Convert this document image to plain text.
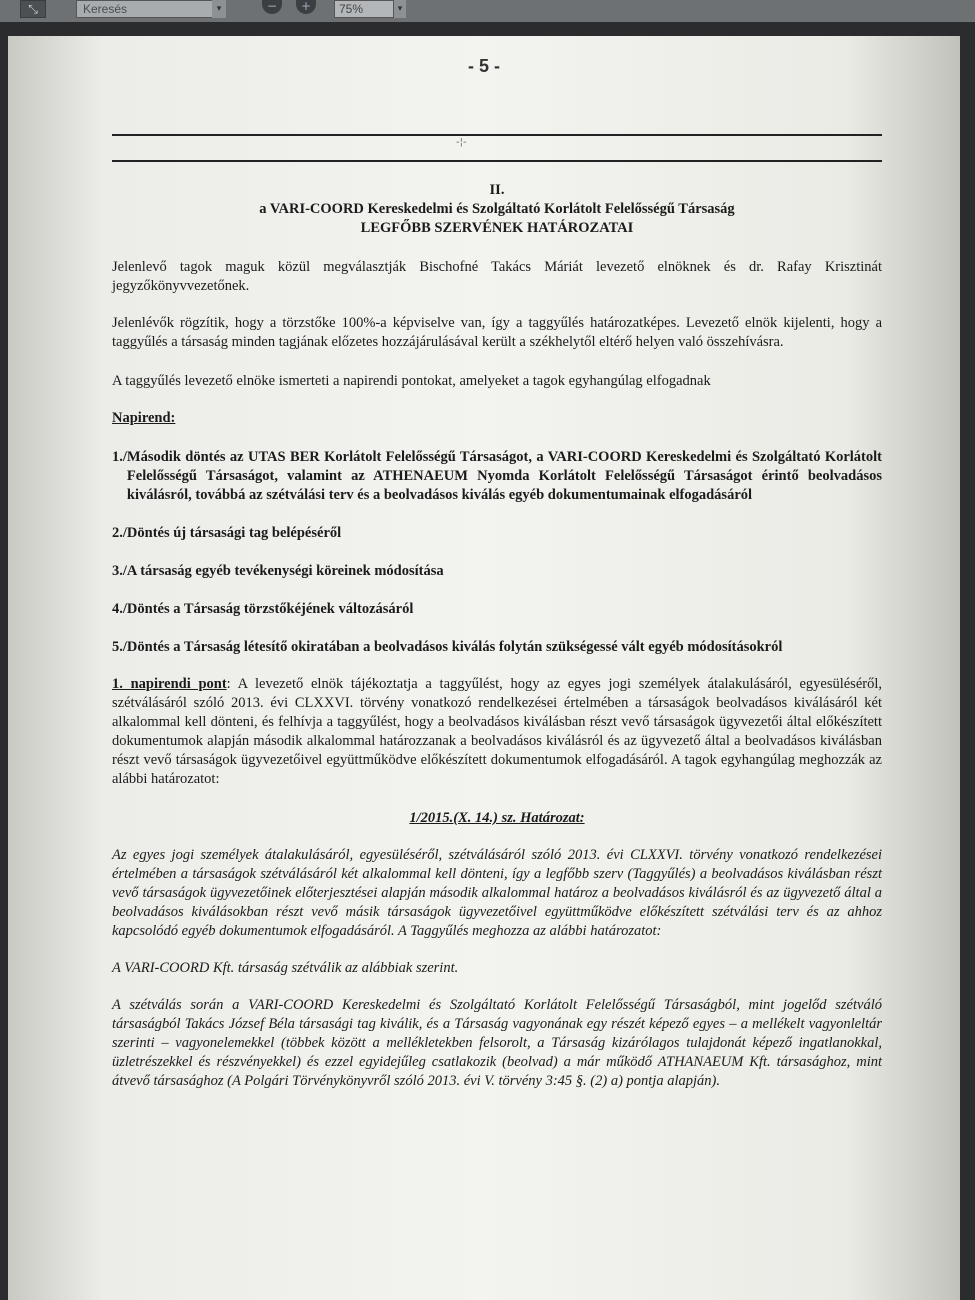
⤡	Keresés	▾	−	+	75%	▾
- 5 -
-¦-
II.
a VARI-COORD Kereskedelmi és Szolgáltató Korlátolt Felelősségű Társaság
LEGFŐBB SZERVÉNEK HATÁROZATAI

Jelenlevő tagok maguk közül megválasztják Bischofné Takács Máriát levezető elnöknek és dr. Rafay Krisztinát jegyzőkönyvvezetőnek.

Jelenlévők rögzítik, hogy a törzstőke 100%-a képviselve van, így a taggyűlés határozatképes. Levezető elnök kijelenti, hogy a taggyűlés a társaság minden tagjának előzetes hozzájárulásával került a székhelytől eltérő helyen való összehívásra.

A taggyűlés levezető elnöke ismerteti a napirendi pontokat, amelyeket a tagok egyhangúlag elfogadnak

Napirend:

1./ Második döntés az UTAS BER Korlátolt Felelősségű Társaságot, a VARI-COORD Kereskedelmi és Szolgáltató Korlátolt Felelősségű Társaságot, valamint az ATHENAEUM Nyomda Korlátolt Felelősségű Társaságot érintő beolvadásos kiválásról, továbbá az szétválási terv és a beolvadásos kiválás egyéb dokumentumainak elfogadásáról
2./ Döntés új társasági tag belépéséről
3./ A társaság egyéb tevékenységi köreinek módosítása
4./ Döntés a Társaság törzstőkéjének változásáról
5./ Döntés a Társaság létesítő okiratában a beolvadásos kiválás folytán szükségessé vált egyéb módosításokról

1. napirendi pont: A levezető elnök tájékoztatja a taggyűlést, hogy az egyes jogi személyek átalakulásáról, egyesüléséről, szétválásáról szóló 2013. évi CLXXVI. törvény vonatkozó rendelkezései értelmében a társaságok beolvadásos kiválásáról két alkalommal kell dönteni, és felhívja a taggyűlést, hogy a beolvadásos kiválásban részt vevő társaságok ügyvezetői által előkészített dokumentumok alapján második alkalommal határozzanak a beolvadásos kiválásról és az ügyvezető által a beolvadásos kiválásban részt vevő társaságok ügyvezetőivel együttműködve előkészített dokumentumok elfogadásáról. A tagok egyhangúlag meghozzák az alábbi határozatot:

1/2015.(X. 14.) sz. Határozat:

Az egyes jogi személyek átalakulásáról, egyesüléséről, szétválásáról szóló 2013. évi CLXXVI. törvény vonatkozó rendelkezései értelmében a társaságok szétválásáról két alkalommal kell dönteni, így a legfőbb szerv (Taggyűlés) a beolvadásos kiválásban részt vevő társaságok ügyvezetőinek előterjesztései alapján második alkalommal határoz a beolvadásos kiválásról és az ügyvezető által a beolvadásos kiválásokban részt vevő másik társaságok ügyvezetőivel együttműködve előkészített szétválási terv és az ahhoz kapcsolódó egyéb dokumentumok elfogadásáról. A Taggyűlés meghozza az alábbi határozatot:

A VARI-COORD Kft. társaság szétválik az alábbiak szerint.

A szétválás során a VARI-COORD Kereskedelmi és Szolgáltató Korlátolt Felelősségű Társaságból, mint jogelőd szétváló társaságból Takács József Béla társasági tag kiválik, és a Társaság vagyonának egy részét képező egyes – a mellékelt vagyonleltár szerinti – vagyonelemekkel (többek között a mellékletekben felsorolt, a Társaság kizárólagos tulajdonát képező ingatlanokkal, üzletrészekkel és részvényekkel) és ezzel egyidejűleg csatlakozik (beolvad) a már működő ATHANAEUM Kft. társasághoz, mint átvevő társasághoz (A Polgári Törvénykönyvről szóló 2013. évi V. törvény 3:45 §. (2) a) pontja alapján).
